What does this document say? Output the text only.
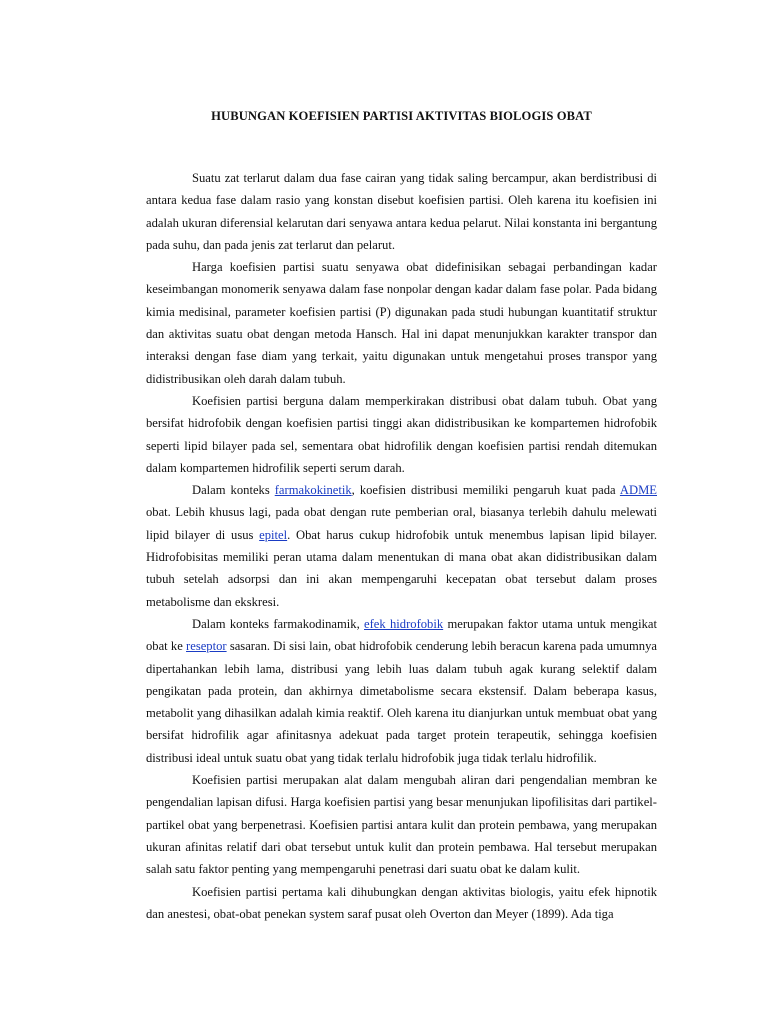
HUBUNGAN KOEFISIEN PARTISI AKTIVITAS BIOLOGIS OBAT

Suatu zat terlarut dalam dua fase cairan yang tidak saling bercampur, akan berdistribusi di antara kedua fase dalam rasio yang konstan disebut koefisien partisi. Oleh karena itu koefisien ini adalah ukuran diferensial kelarutan dari senyawa antara kedua pelarut. Nilai konstanta ini bergantung pada suhu, dan pada jenis zat terlarut dan pelarut.

Harga koefisien partisi suatu senyawa obat didefinisikan sebagai perbandingan kadar keseimbangan monomerik senyawa dalam fase nonpolar dengan kadar dalam fase polar. Pada bidang kimia medisinal, parameter koefisien partisi (P) digunakan pada studi hubungan kuantitatif struktur dan aktivitas suatu obat dengan metoda Hansch. Hal ini dapat menunjukkan karakter transpor dan interaksi dengan fase diam yang terkait, yaitu digunakan untuk mengetahui proses transpor yang didistribusikan oleh darah dalam tubuh.

Koefisien partisi berguna dalam memperkirakan distribusi obat dalam tubuh. Obat yang bersifat hidrofobik dengan koefisien partisi tinggi akan didistribusikan ke kompartemen hidrofobik seperti lipid bilayer pada sel, sementara obat hidrofilik dengan koefisien partisi rendah ditemukan dalam kompartemen hidrofilik seperti serum darah.

Dalam konteks farmakokinetik, koefisien distribusi memiliki pengaruh kuat pada ADME obat. Lebih khusus lagi, pada obat dengan rute pemberian oral, biasanya terlebih dahulu melewati lipid bilayer di usus epitel. Obat harus cukup hidrofobik untuk menembus lapisan lipid bilayer. Hidrofobisitas memiliki peran utama dalam menentukan di mana obat akan didistribusikan dalam tubuh setelah adsorpsi dan ini akan mempengaruhi kecepatan obat tersebut dalam proses metabolisme dan ekskresi.

Dalam konteks farmakodinamik, efek hidrofobik merupakan faktor utama untuk mengikat obat ke reseptor sasaran. Di sisi lain, obat hidrofobik cenderung lebih beracun karena pada umumnya dipertahankan lebih lama, distribusi yang lebih luas dalam tubuh agak kurang selektif dalam pengikatan pada protein, dan akhirnya dimetabolisme secara ekstensif. Dalam beberapa kasus, metabolit yang dihasilkan adalah kimia reaktif. Oleh karena itu dianjurkan untuk membuat obat yang bersifat hidrofilik agar afinitasnya adekuat pada target protein terapeutik, sehingga koefisien distribusi ideal untuk suatu obat yang tidak terlalu hidrofobik juga tidak terlalu hidrofilik.

Koefisien partisi merupakan alat dalam mengubah aliran dari pengendalian membran ke pengendalian lapisan difusi. Harga koefisien partisi yang besar menunjukan lipofilisitas dari partikel-partikel obat yang berpenetrasi. Koefisien partisi antara kulit dan protein pembawa, yang merupakan ukuran afinitas relatif dari obat tersebut untuk kulit dan protein pembawa. Hal tersebut merupakan salah satu faktor penting yang mempengaruhi penetrasi dari suatu obat ke dalam kulit.

Koefisien partisi pertama kali dihubungkan dengan aktivitas biologis, yaitu efek hipnotik dan anestesi, obat-obat penekan system saraf pusat oleh Overton dan Meyer (1899). Ada tiga
